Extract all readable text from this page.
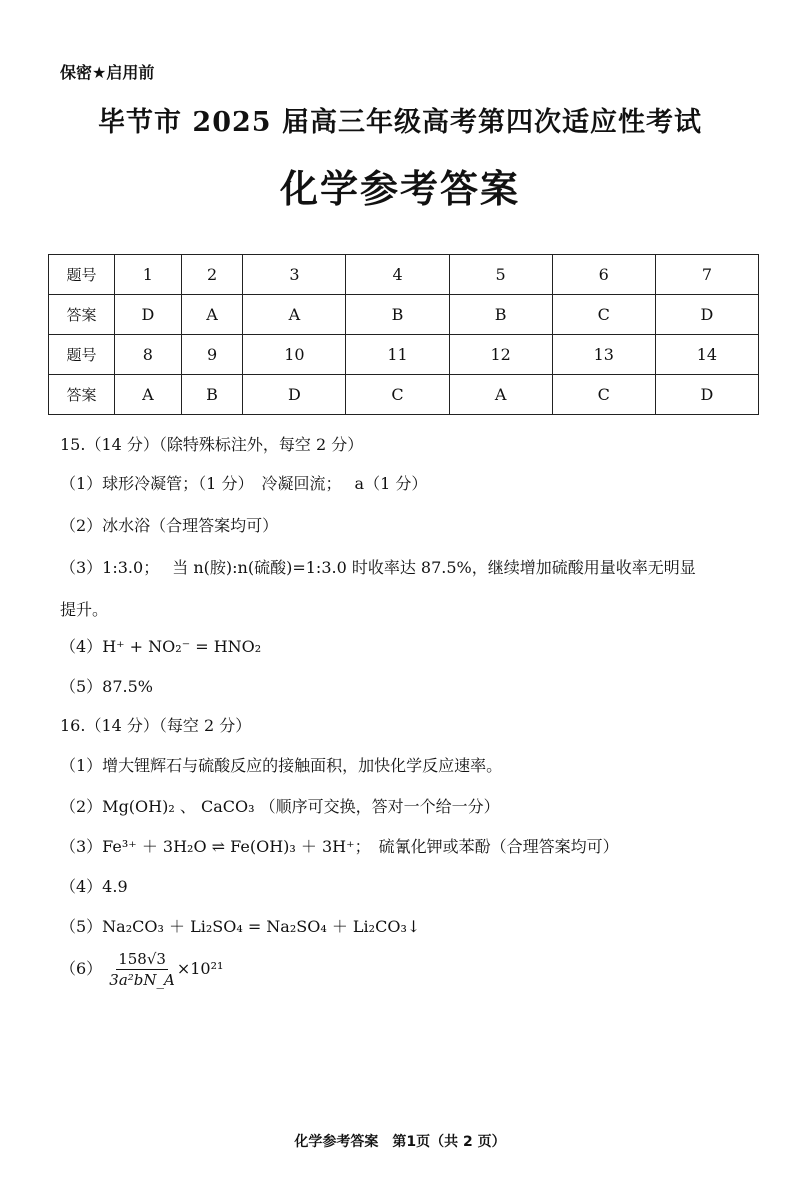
保密★启用前
毕节市 2025 届高三年级高考第四次适应性考试
化学参考答案
题号	1	2	3	4	5	6	7
答案	D	A	A	B	B	C	D
题号	8	9	10	11	12	13	14
答案	A	B	D	C	A	C	D
15.（14 分）（除特殊标注外，每空 2 分）
（1）球形冷凝管；（1 分）　冷凝回流；　 a（1 分）
（2）冰水浴（合理答案均可）
（3）1:3.0；　 当 n(胺):n(硫酸)=1:3.0 时收率达 87.5%，继续增加硫酸用量收率无明显
提升。
（4）H⁺ + NO₂⁻ = HNO₂
（5）87.5%
16.（14 分）（每空 2 分）
（1）增大锂辉石与硫酸反应的接触面积，加快化学反应速率。
（2）Mg(OH)₂ 、 CaCO₃ （顺序可交换，答对一个给一分）
（3）Fe³⁺ ＋ 3H₂O ⇌ Fe(OH)₃ ＋ 3H⁺；　硫氰化钾或苯酚（合理答案均可）
（4）4.9
（5）Na₂CO₃ ＋ Li₂SO₄ = Na₂SO₄ ＋ Li₂CO₃↓
$(6) \frac{158√3}{\text{3a²bN\_A}} \times 10^{21}$
化学参考答案　第1页（共 2 页）
